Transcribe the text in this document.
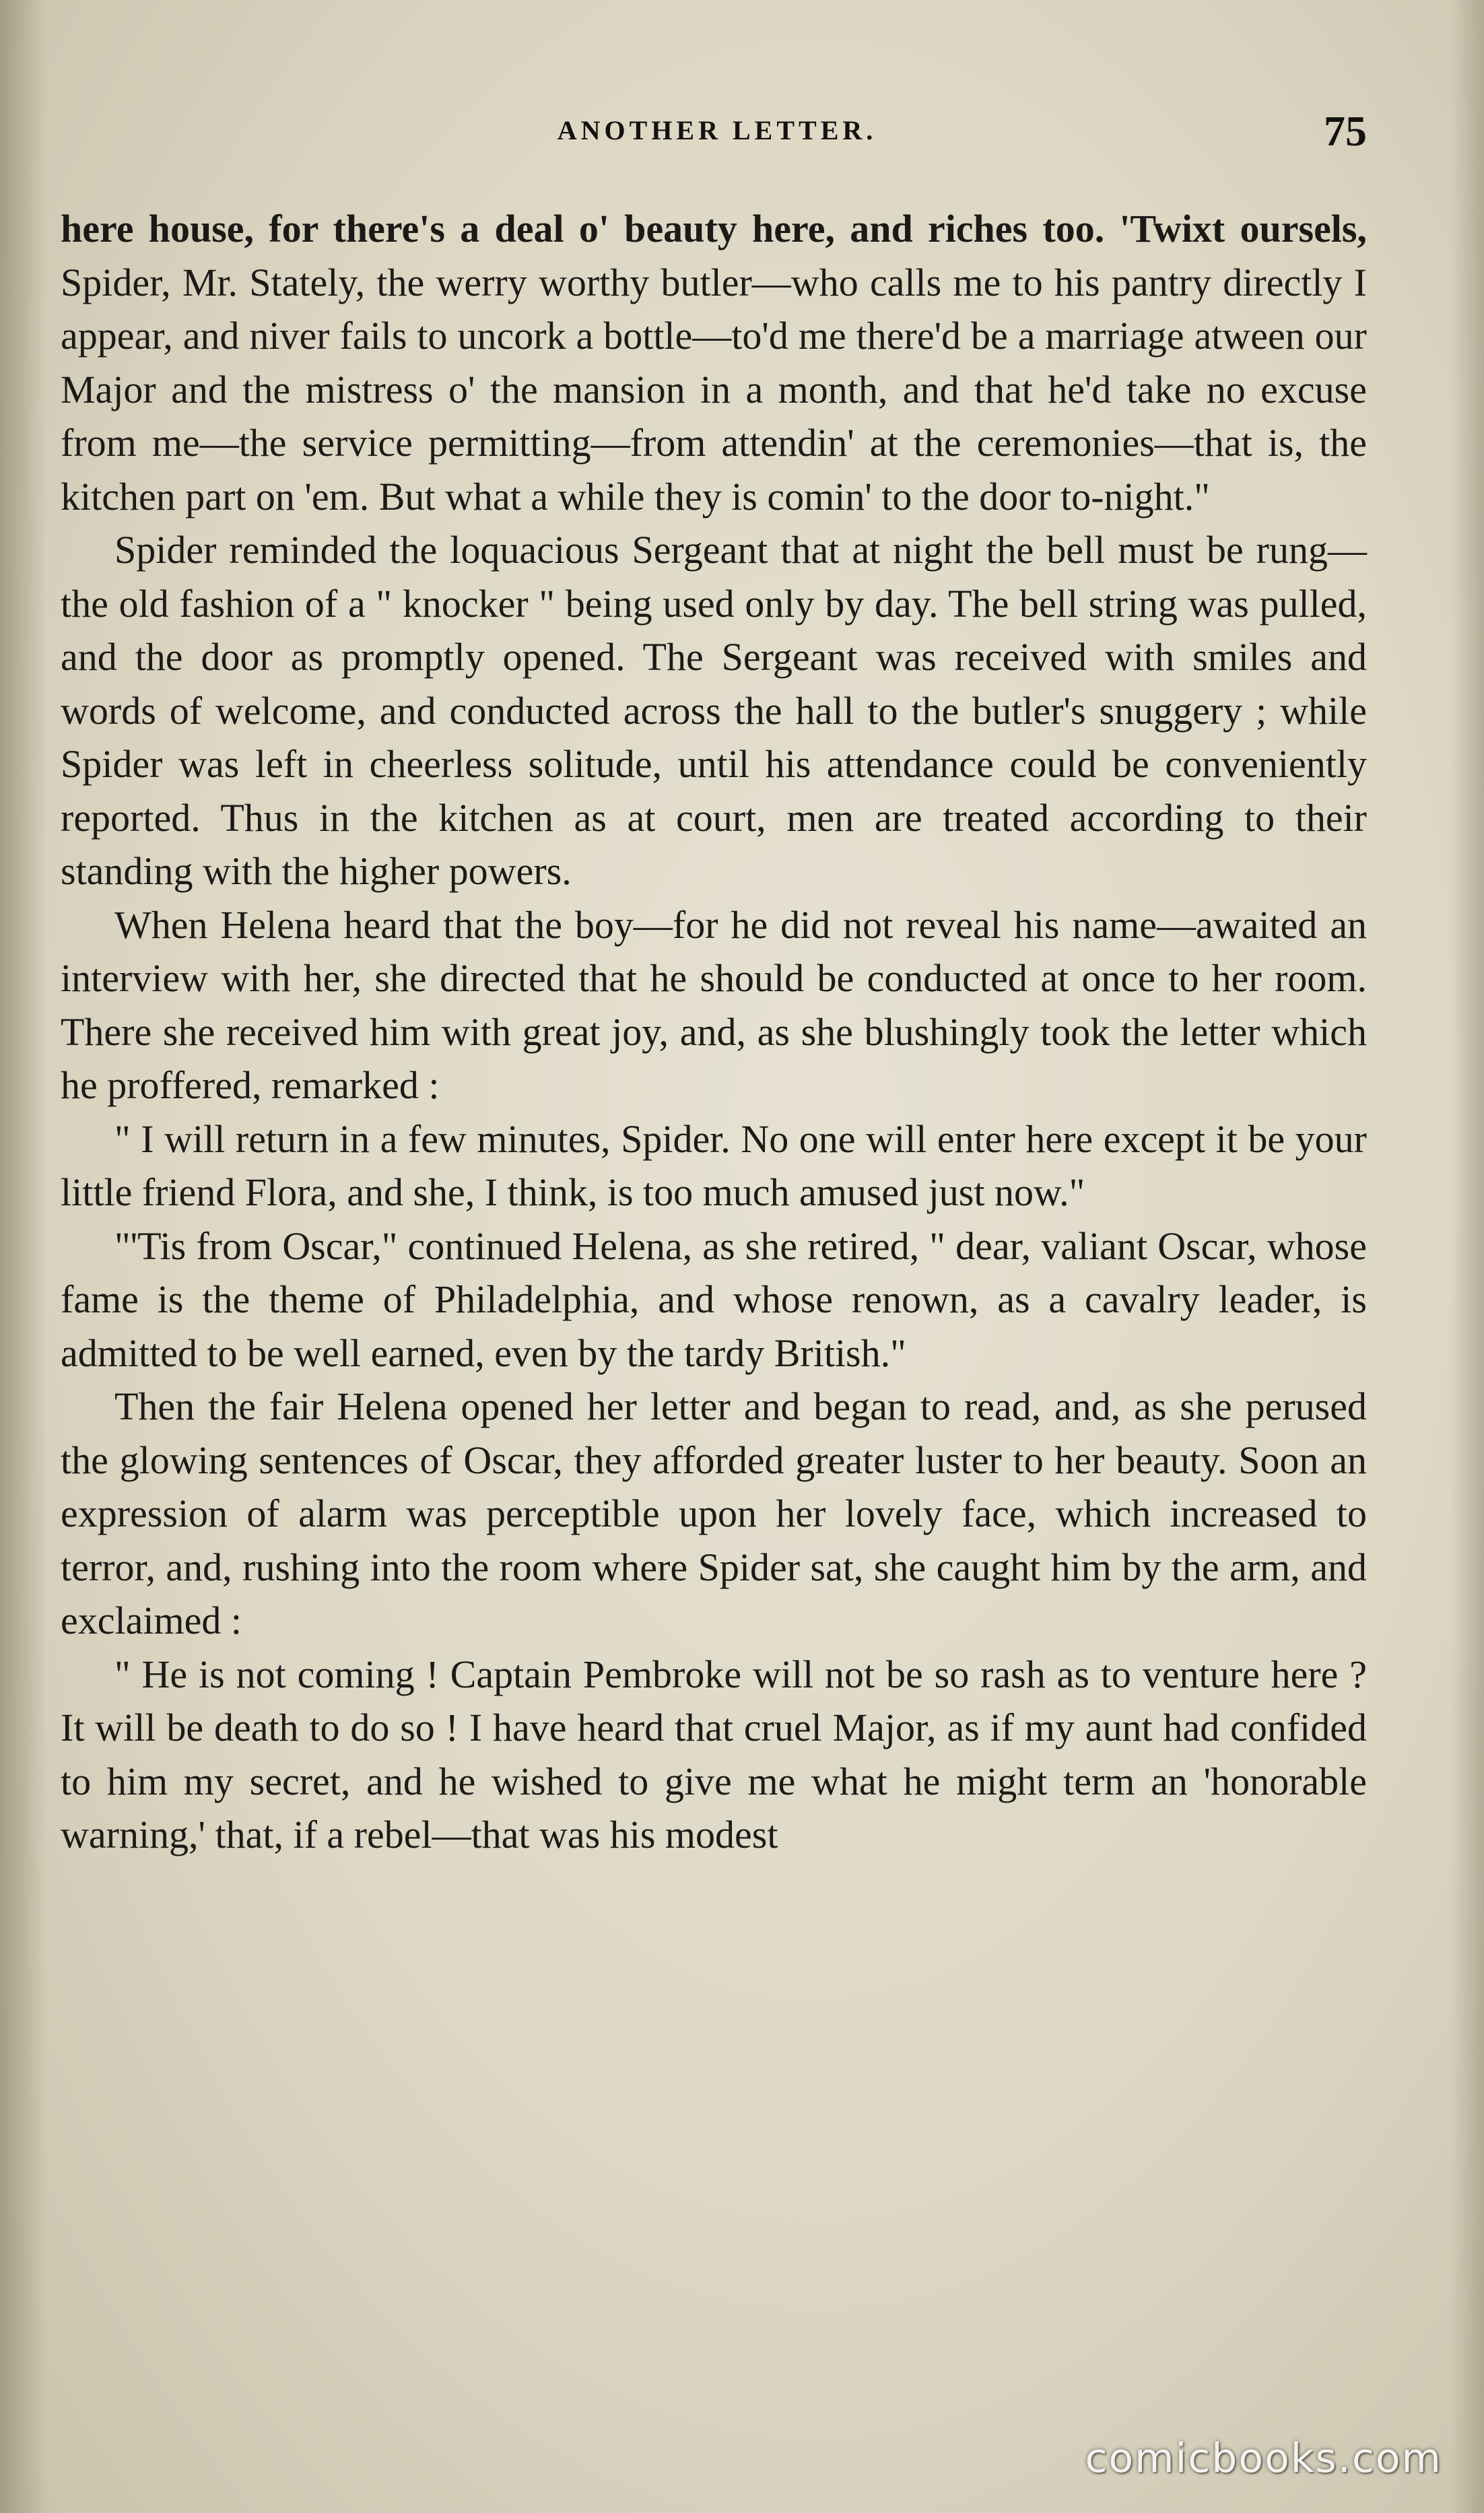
ANOTHER LETTER.	75

here house, for there's a deal o' beauty here, and riches too. 'Twixt oursels, Spider, Mr. Stately, the werry worthy butler—who calls me to his pantry directly I appear, and niver fails to uncork a bottle—to'd me there'd be a marriage atween our Major and the mistress o' the mansion in a month, and that he'd take no excuse from me—the service permitting—from attendin' at the ceremonies—that is, the kitchen part on 'em. But what a while they is comin' to the door to-night."

Spider reminded the loquacious Sergeant that at night the bell must be rung—the old fashion of a " knocker " being used only by day. The bell string was pulled, and the door as promptly opened. The Sergeant was received with smiles and words of welcome, and conducted across the hall to the butler's snuggery ; while Spider was left in cheerless solitude, until his attendance could be conveniently reported. Thus in the kitchen as at court, men are treated according to their standing with the higher powers.

When Helena heard that the boy—for he did not reveal his name—awaited an interview with her, she directed that he should be conducted at once to her room. There she received him with great joy, and, as she blushingly took the letter which he proffered, remarked :

" I will return in a few minutes, Spider. No one will enter here except it be your little friend Flora, and she, I think, is too much amused just now."

"'Tis from Oscar," continued Helena, as she retired, " dear, valiant Oscar, whose fame is the theme of Philadelphia, and whose renown, as a cavalry leader, is admitted to be well earned, even by the tardy British."

Then the fair Helena opened her letter and began to read, and, as she perused the glowing sentences of Oscar, they afforded greater luster to her beauty. Soon an expression of alarm was perceptible upon her lovely face, which increased to terror, and, rushing into the room where Spider sat, she caught him by the arm, and exclaimed :

" He is not coming ! Captain Pembroke will not be so rash as to venture here ? It will be death to do so ! I have heard that cruel Major, as if my aunt had confided to him my secret, and he wished to give me what he might term an 'honorable warning,' that, if a rebel—that was his modest

comicbooks.com
